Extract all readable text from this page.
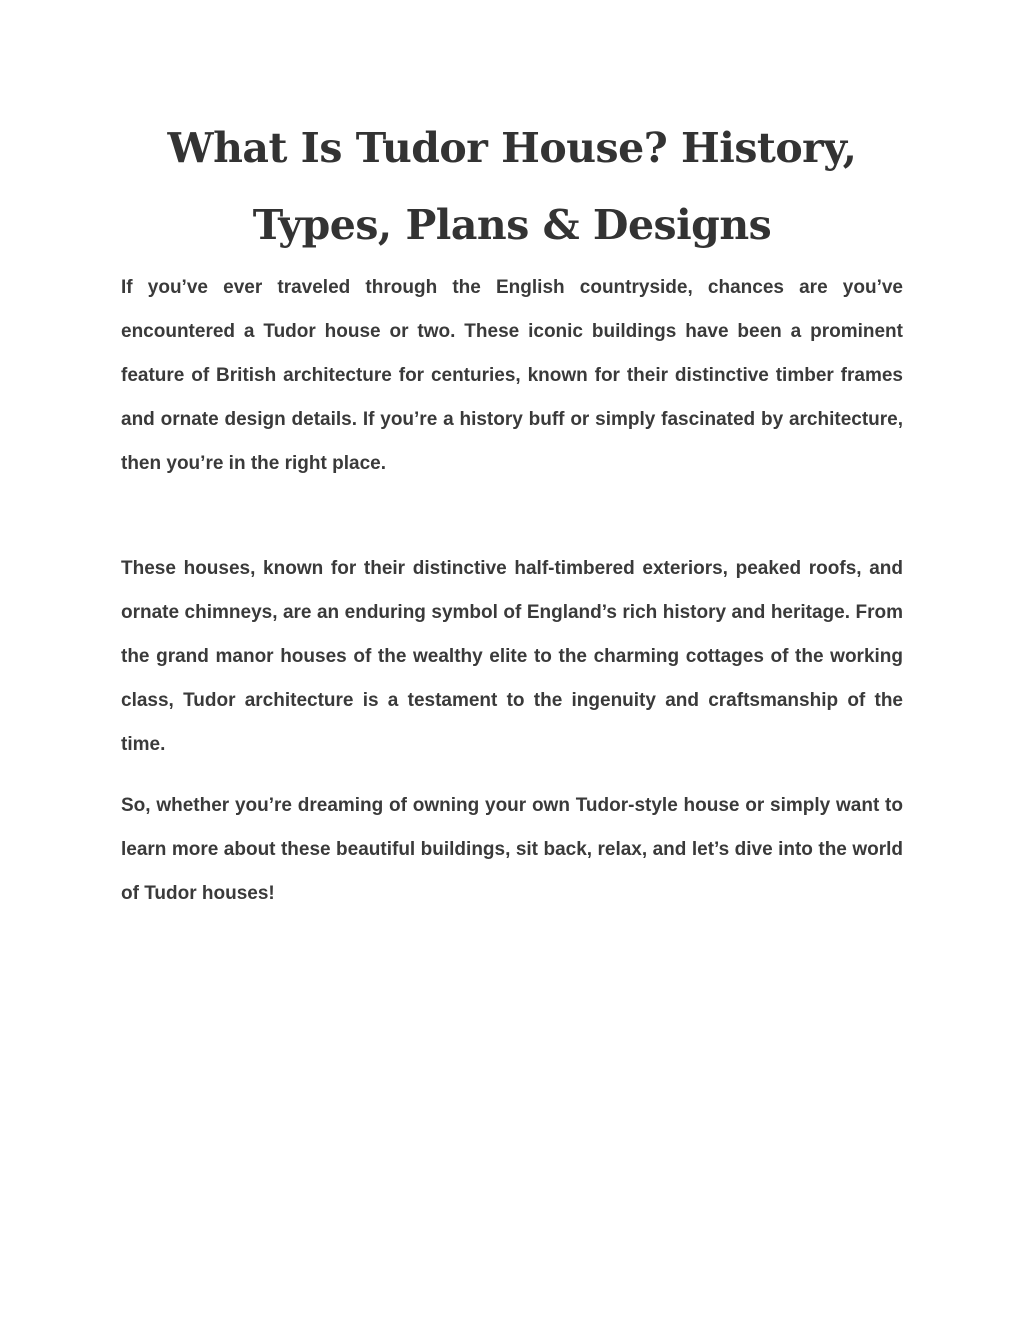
What Is Tudor House? History, Types, Plans & Designs

If you’ve ever traveled through the English countryside, chances are you’ve encountered a Tudor house or two. These iconic buildings have been a prominent feature of British architecture for centuries, known for their distinctive timber frames and ornate design details. If you’re a history buff or simply fascinated by architecture, then you’re in the right place.

These houses, known for their distinctive half-timbered exteriors, peaked roofs, and ornate chimneys, are an enduring symbol of England’s rich history and heritage. From the grand manor houses of the wealthy elite to the charming cottages of the working class, Tudor architecture is a testament to the ingenuity and craftsmanship of the time.

So, whether you’re dreaming of owning your own Tudor-style house or simply want to learn more about these beautiful buildings, sit back, relax, and let’s dive into the world of Tudor houses!
